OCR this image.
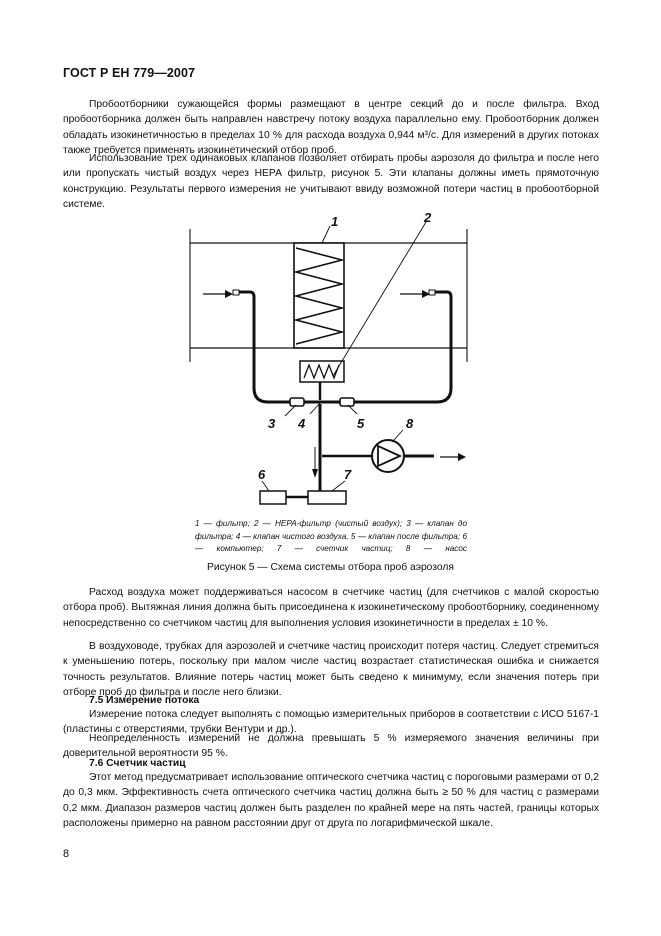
ГОСТ Р ЕН 779—2007

Пробоотборники сужающейся формы размещают в центре секций до и после фильтра. Вход пробоотборника должен быть направлен навстречу потоку воздуха параллельно ему. Пробоотборник должен обладать изокинетичностью в пределах 10 % для расхода воздуха 0,944 м³/с. Для измерений в других потоках также требуется применять изокинетический отбор проб.

Использование трех одинаковых клапанов позволяет отбирать пробы аэрозоля до фильтра и после него или пропускать чистый воздух через НЕРА фильтр, рисунок 5. Эти клапаны должны иметь прямоточную конструкцию. Результаты первого измерения не учитывают ввиду возможной потери частиц в пробоотборной системе.

1	2
3 4	5	8
6	7

1 — фильтр; 2 — НЕРА-фильтр (чистый воздух); 3 — клапан до фильтра; 4 — клапан чистого воздуха, 5 — клапан после фильтра; 6 — компьютер; 7 — счетчик частиц; 8 — насос

Рисунок 5 — Схема системы отбора проб аэрозоля

Расход воздуха может поддерживаться насосом в счетчике частиц (для счетчиков с малой скоростью отбора проб). Вытяжная линия должна быть присоединена к изокинетическому пробоотборнику, соединенному непосредственно со счетчиком частиц для выполнения условия изокинетичности в пределах ± 10 %.

В воздуховоде, трубках для аэрозолей и счетчике частиц происходит потеря частиц. Следует стремиться к уменьшению потерь, поскольку при малом числе частиц возрастает статистическая ошибка и снижается точность результатов. Влияние потерь частиц может быть сведено к минимуму, если значения потерь при отборе проб до фильтра и после него близки.

7.5 Измерение потока

Измерение потока следует выполнять с помощью измерительных приборов в соответствии с ИСО 5167-1 (пластины с отверстиями, трубки Вентури и др.).

Неопределенность измерений не должна превышать 5 % измеряемого значения величины при доверительной вероятности 95 %.

7.6 Счетчик частиц

Этот метод предусматривает использование оптического счетчика частиц с пороговыми размерами от 0,2 до 0,3 мкм. Эффективность счета оптического счетчика частиц должна быть ≥ 50 % для частиц с размерами 0,2 мкм. Диапазон размеров частиц должен быть разделен по крайней мере на пять частей, границы которых расположены примерно на равном расстоянии друг от друга по логарифмической шкале.

8
